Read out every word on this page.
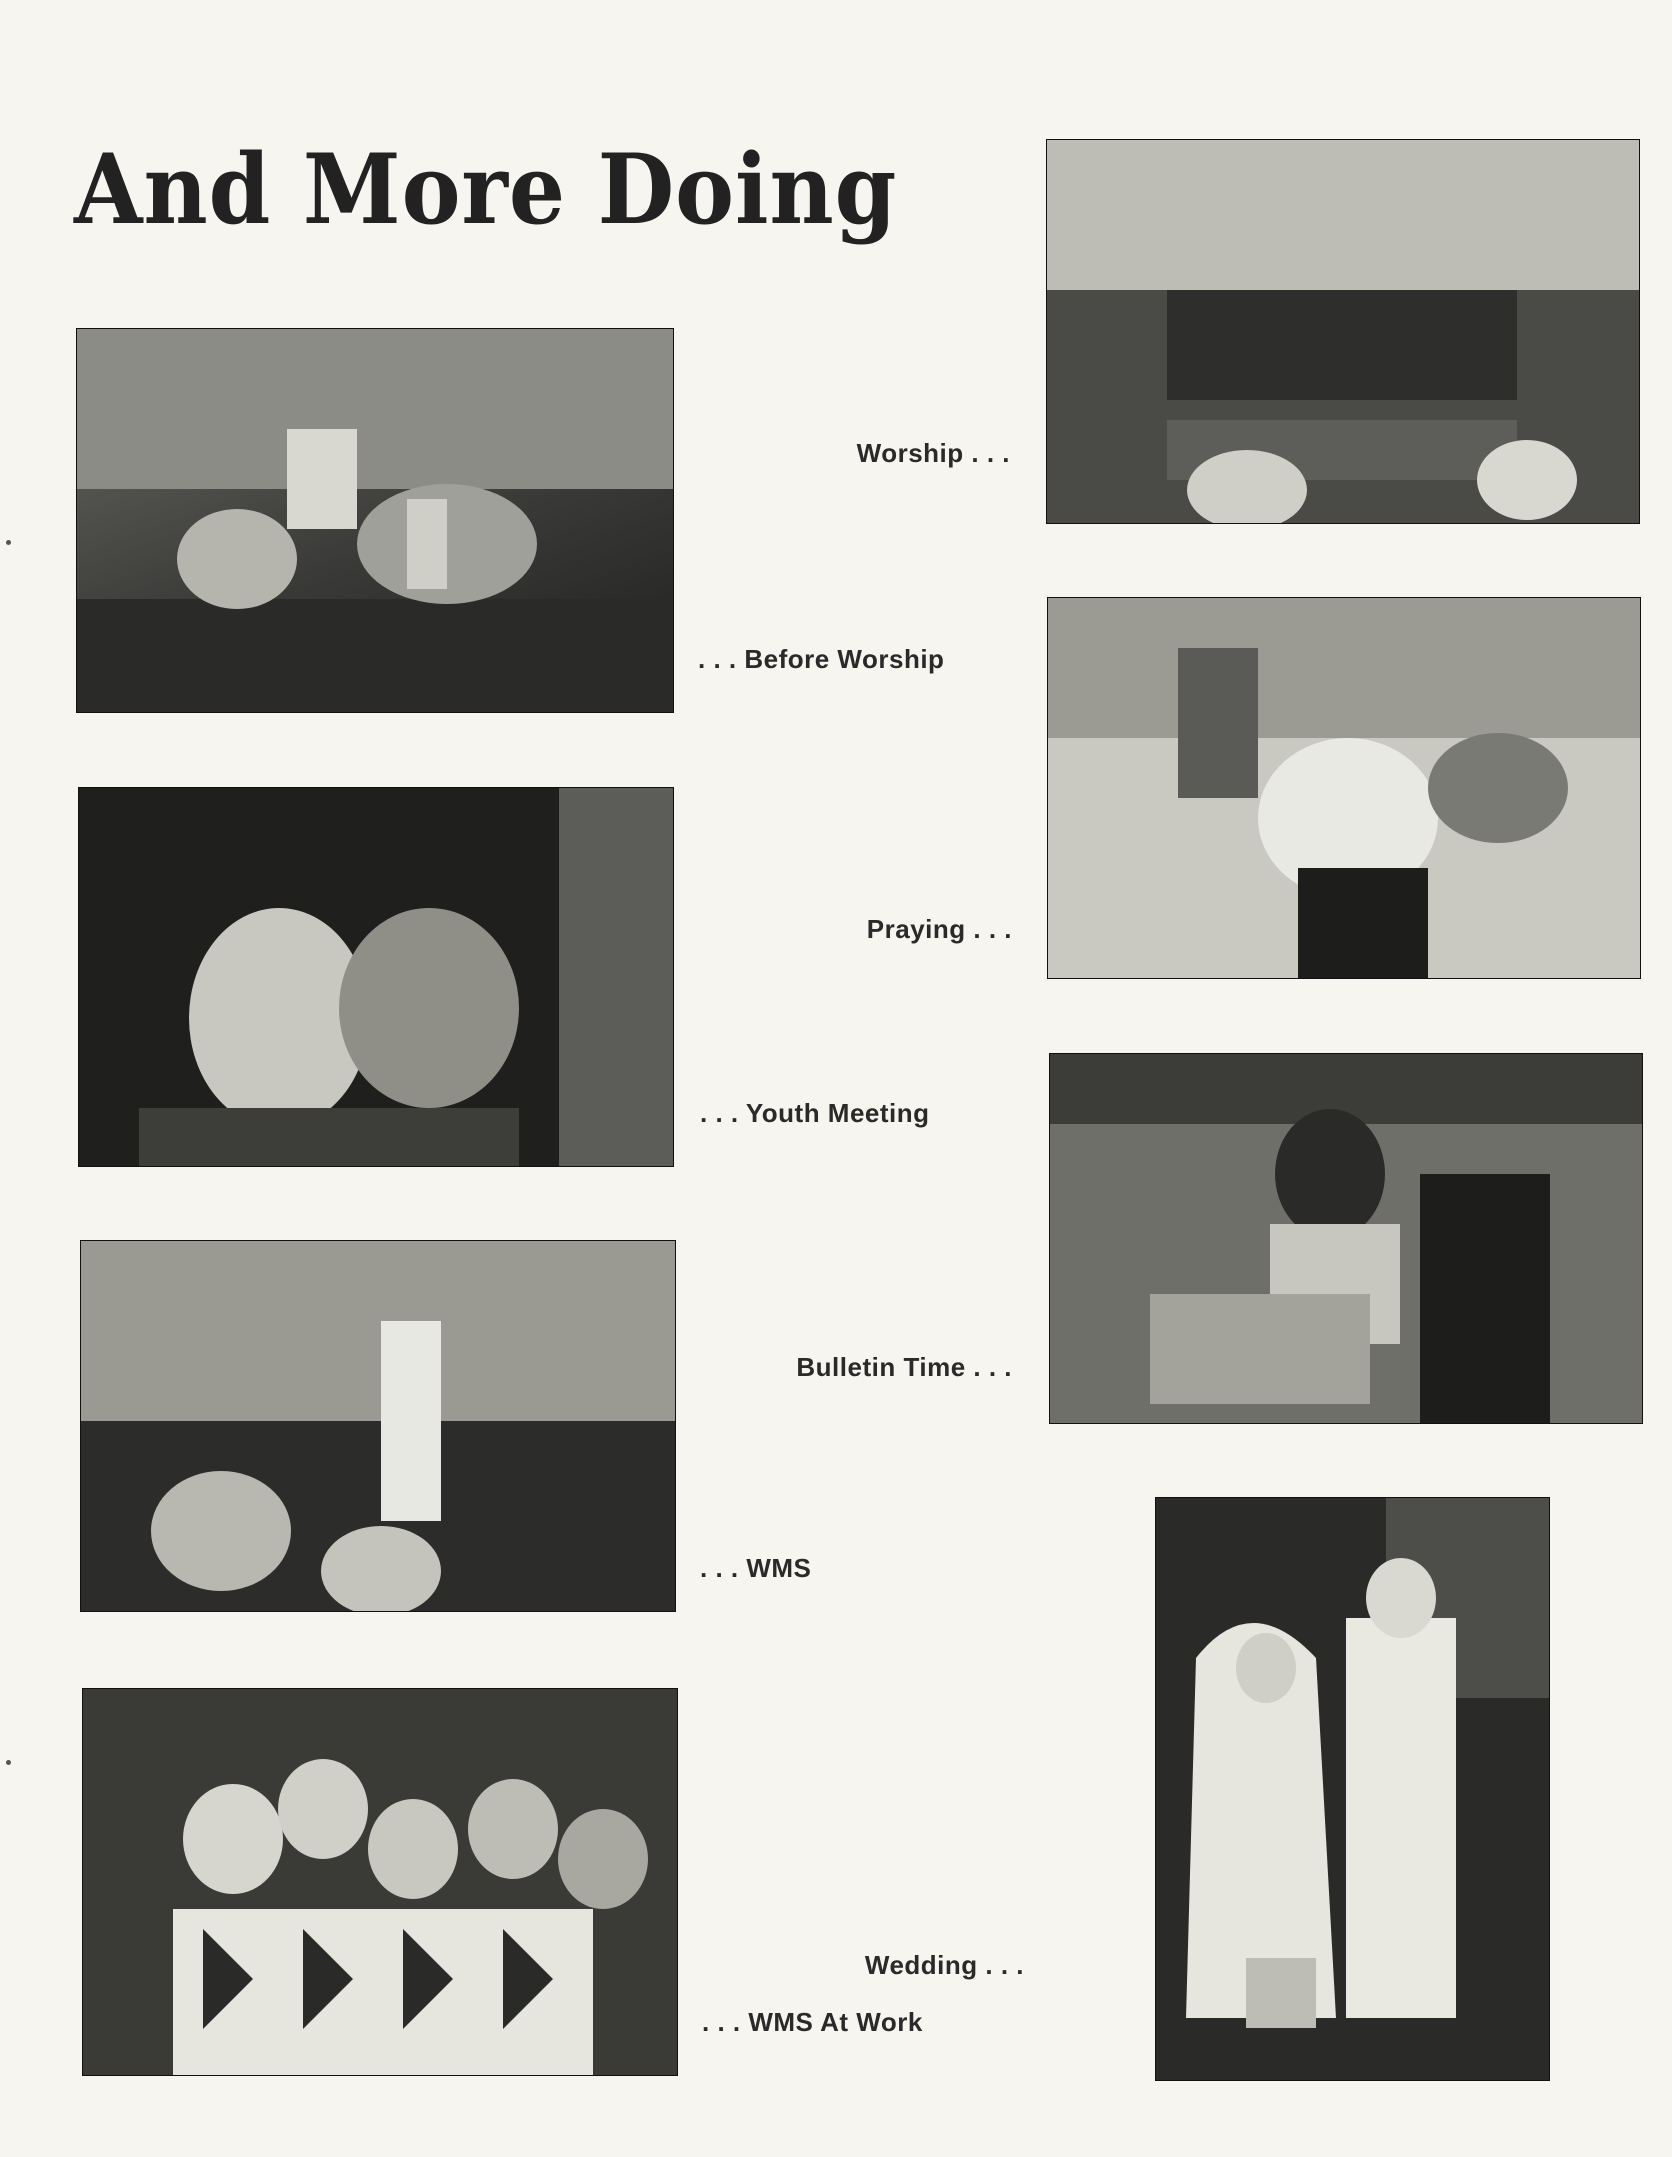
And More Doing
Worship . . .
. . . Before Worship
Praying . . .
. . . Youth Meeting
Bulletin Time . . .
. . . WMS
Wedding . . .
. . . WMS At Work
